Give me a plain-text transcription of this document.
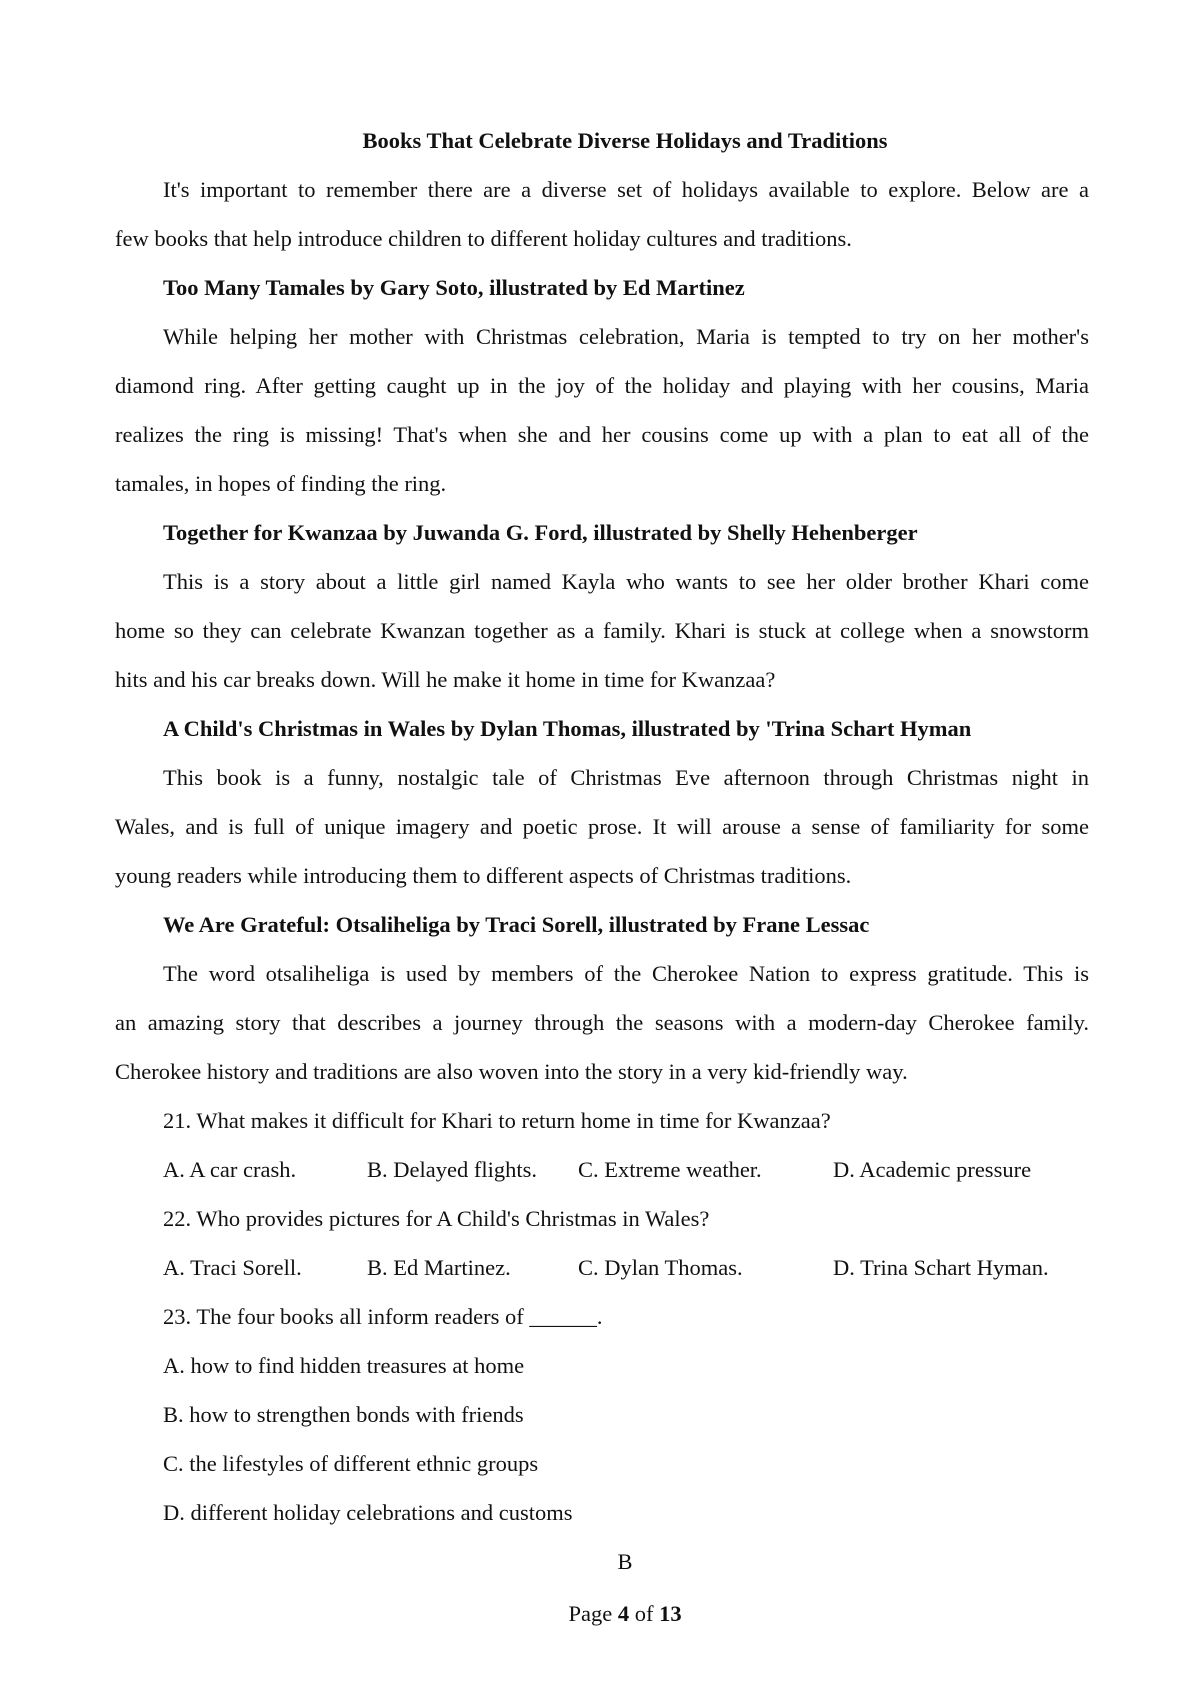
Books That Celebrate Diverse Holidays and Traditions
It's important to remember there are a diverse set of holidays available to explore. Below are a
few books that help introduce children to different holiday cultures and traditions.
Too Many Tamales by Gary Soto, illustrated by Ed Martinez
While helping her mother with Christmas celebration, Maria is tempted to try on her mother's
diamond ring. After getting caught up in the joy of the holiday and playing with her cousins, Maria
realizes the ring is missing! That's when she and her cousins come up with a plan to eat all of the
tamales, in hopes of finding the ring.
Together for Kwanzaa by Juwanda G. Ford, illustrated by Shelly Hehenberger
This is a story about a little girl named Kayla who wants to see her older brother Khari come
home so they can celebrate Kwanzan together as a family. Khari is stuck at college when a snowstorm
hits and his car breaks down. Will he make it home in time for Kwanzaa?
A Child's Christmas in Wales by Dylan Thomas, illustrated by 'Trina Schart Hyman
This book is a funny, nostalgic tale of Christmas Eve afternoon through Christmas night in
Wales, and is full of unique imagery and poetic prose. It will arouse a sense of familiarity for some
young readers while introducing them to different aspects of Christmas traditions.
We Are Grateful: Otsaliheliga by Traci Sorell, illustrated by Frane Lessac
The word otsaliheliga is used by members of the Cherokee Nation to express gratitude. This is
an amazing story that describes a journey through the seasons with a modern-day Cherokee family.
Cherokee history and traditions are also woven into the story in a very kid-friendly way.
21. What makes it difficult for Khari to return home in time for Kwanzaa?
A. A car crash.	B. Delayed flights. C. Extreme weather.	D. Academic pressure
22. Who provides pictures for A Child's Christmas in Wales?
A. Traci Sorell.	B. Ed Martinez.	C. Dylan Thomas.	D. Trina Schart Hyman.
23. The four books all inform readers of ______.
A. how to find hidden treasures at home
B. how to strengthen bonds with friends
C. the lifestyles of different ethnic groups
D. different holiday celebrations and customs
B
Page 4 of 13
